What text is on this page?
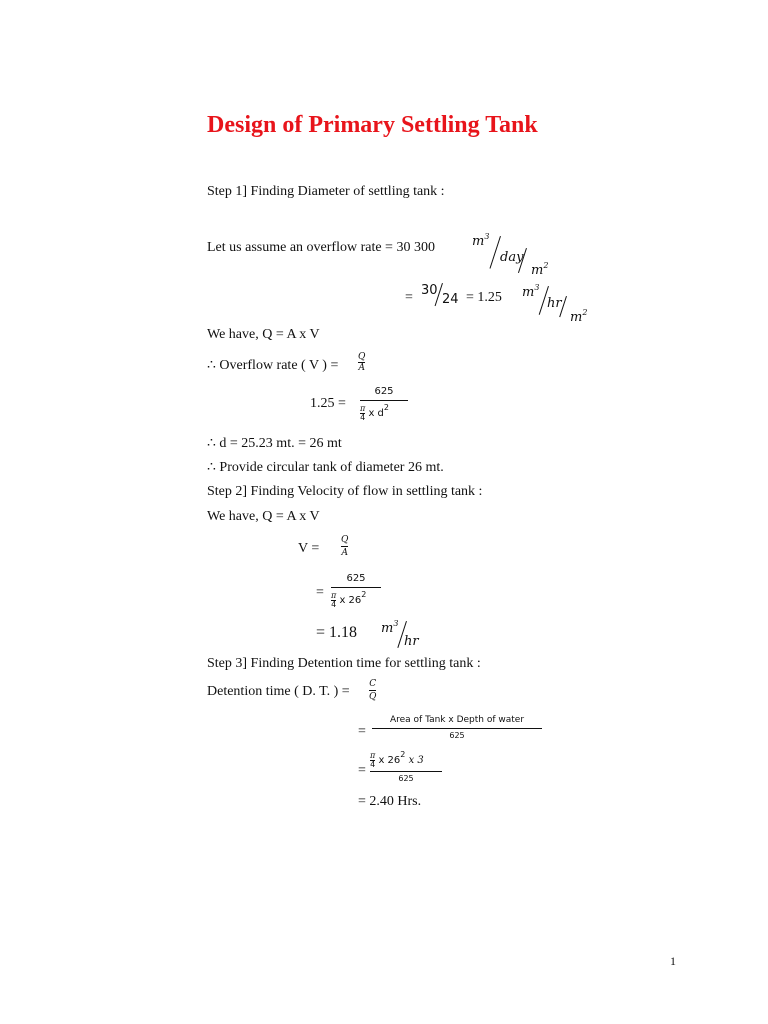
Design of Primary Settling Tank
Step 1] Finding Diameter of settling tank :
Let us assume an overflow rate = 30 300	$m^3$
day
$m^2$
= 30
24 = 1.25 $m^3$
hr
$m^2$
We have, Q = A x V
∴ Overflow rate ( V ) =
Q
A
1.25 =
625
$\frac{\pi}{4}$ x $d^2$
∴ d = 25.23 mt. = 26 mt
∴ Provide circular tank of diameter 26 mt.
Step 2] Finding Velocity of flow in settling tank :
We have, Q = A x V
V =
Q
A
=
625
$\frac{\pi}{4}$ x $26^2$
= 1.18 $m^3$
hr
Step 3] Finding Detention time for settling tank :
Detention time ( D. T. ) = C
Q
=
Area of Tank x Depth of water
625
=
$\frac{\pi}{4}$ x $26^2$ x 3
625
= 2.40 Hrs.
1
